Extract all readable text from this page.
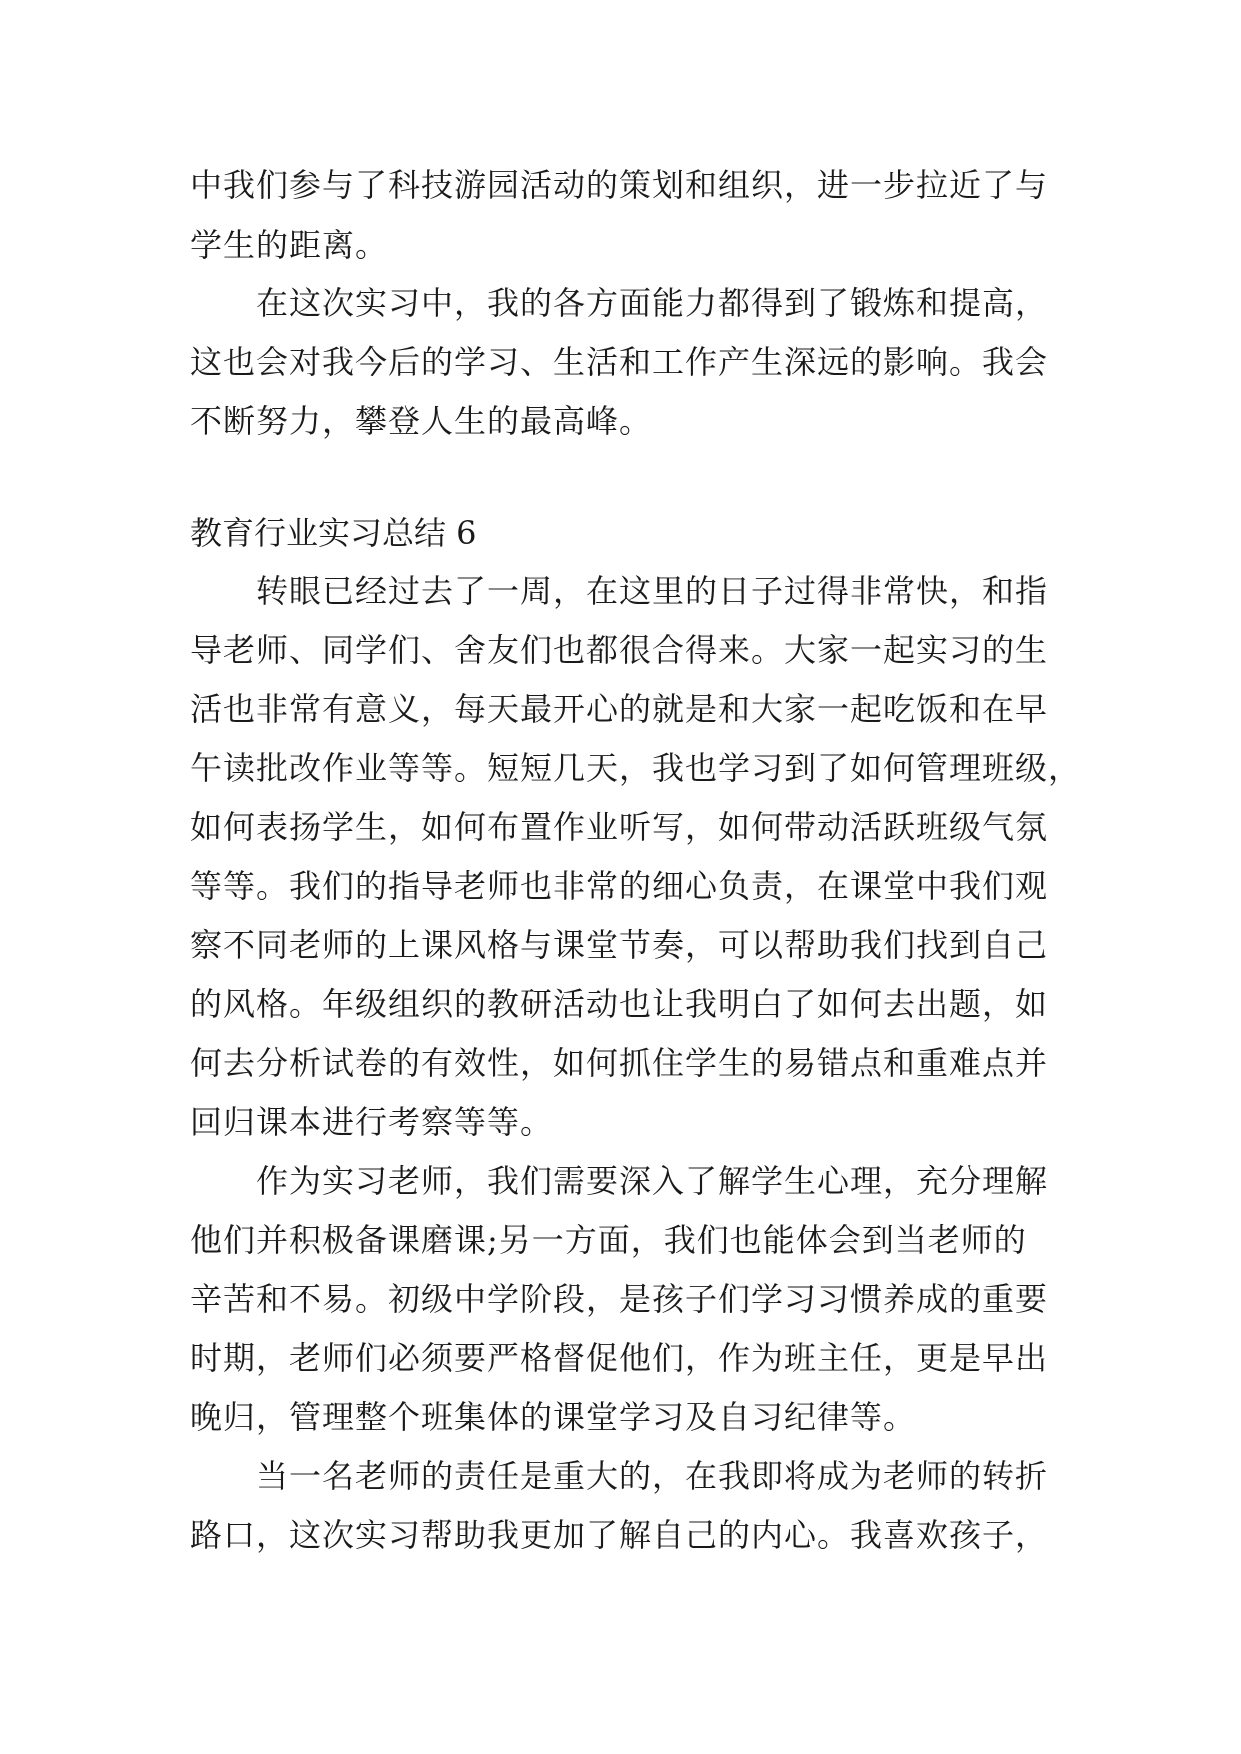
中我们参与了科技游园活动的策划和组织，进一步拉近了与
学生的距离。
在这次实习中，我的各方面能力都得到了锻炼和提高，
这也会对我今后的学习、生活和工作产生深远的影响。我会
不断努力，攀登人生的最高峰。
教育行业实习总结 6
转眼已经过去了一周，在这里的日子过得非常快，和指
导老师、同学们、舍友们也都很合得来。大家一起实习的生
活也非常有意义，每天最开心的就是和大家一起吃饭和在早
午读批改作业等等。短短几天，我也学习到了如何管理班级，
如何表扬学生，如何布置作业听写，如何带动活跃班级气氛
等等。我们的指导老师也非常的细心负责，在课堂中我们观
察不同老师的上课风格与课堂节奏，可以帮助我们找到自己
的风格。年级组织的教研活动也让我明白了如何去出题，如
何去分析试卷的有效性，如何抓住学生的易错点和重难点并
回归课本进行考察等等。
作为实习老师，我们需要深入了解学生心理，充分理解
他们并积极备课磨课;另一方面，我们也能体会到当老师的
辛苦和不易。初级中学阶段，是孩子们学习习惯养成的重要
时期，老师们必须要严格督促他们，作为班主任，更是早出
晚归，管理整个班集体的课堂学习及自习纪律等。
当一名老师的责任是重大的，在我即将成为老师的转折
路口，这次实习帮助我更加了解自己的内心。我喜欢孩子，
